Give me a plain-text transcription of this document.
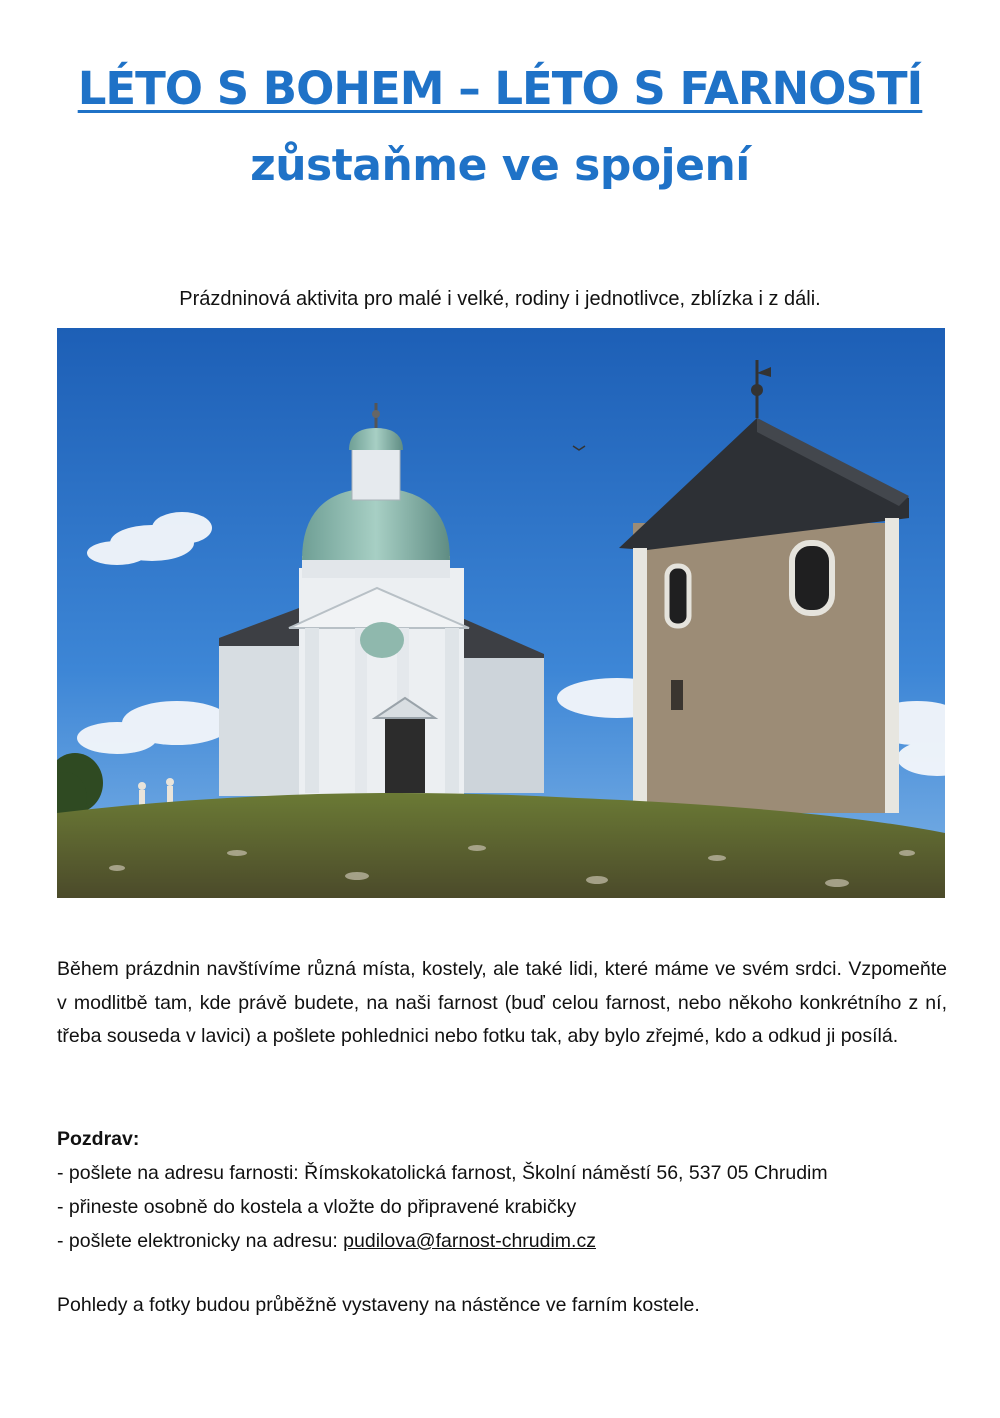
LÉTO S BOHEM – LÉTO S FARNOSTÍ
zůstaňme ve spojení
Prázdninová aktivita pro malé i velké, rodiny i jednotlivce, zblízka i z dáli.

Během prázdnin navštívíme různá místa, kostely, ale také lidi, které máme ve svém srdci. Vzpomeňte v modlitbě tam, kde právě budete, na naši farnost (buď celou farnost, nebo někoho konkrétního z ní, třeba souseda v lavici) a pošlete pohlednici nebo fotku tak, aby bylo zřejmé, kdo a odkud ji posílá.

Pozdrav:
- pošlete na adresu farnosti: Římskokatolická farnost, Školní náměstí 56, 537 05 Chrudim
- přineste osobně do kostela a vložte do připravené krabičky
- pošlete elektronicky na adresu: pudilova@farnost-chrudim.cz
Pohledy a fotky budou průběžně vystaveny na nástěnce ve farním kostele.
